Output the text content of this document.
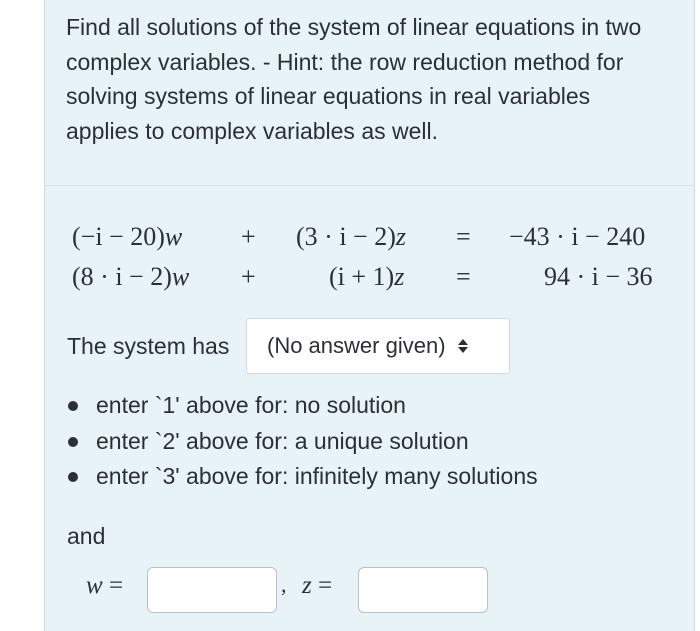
Find all solutions of the system of linear equations in two complex variables. - Hint: the row reduction method for solving systems of linear equations in real variables applies to complex variables as well.
(−i − 20)w + (3 · i − 2)z = −43 · i − 240
(8 · i − 2)w +	(i + 1)z =	94 · i − 36
The system has (No answer given)
enter `1' above for: no solution
enter `2' above for: a unique solution
enter `3' above for: infinitely many solutions
and
w =	, z =
